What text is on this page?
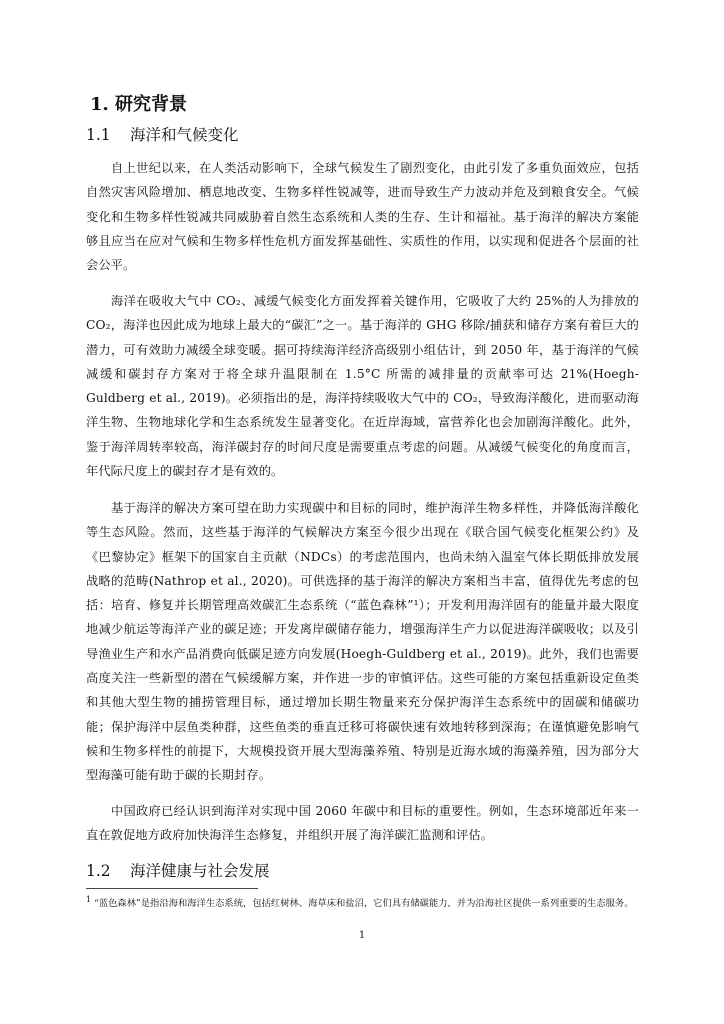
1. 研究背景
1.1 海洋和气候变化
自上世纪以来，在人类活动影响下，全球气候发生了剧烈变化，由此引发了多重负面效应，包括自然灾害风险增加、栖息地改变、生物多样性锐减等，进而导致生产力波动并危及到粮食安全。气候变化和生物多样性锐减共同威胁着自然生态系统和人类的生存、生计和福祉。基于海洋的解决方案能够且应当在应对气候和生物多样性危机方面发挥基础性、实质性的作用，以实现和促进各个层面的社会公平。
海洋在吸收大气中 CO₂、减缓气候变化方面发挥着关键作用，它吸收了大约 25%的人为排放的 CO₂，海洋也因此成为地球上最大的“碳汇”之一。基于海洋的 GHG 移除/捕获和储存方案有着巨大的潜力，可有效助力减缓全球变暖。据可持续海洋经济高级别小组估计，到 2050 年，基于海洋的气候减缓和碳封存方案对于将全球升温限制在 1.5°C 所需的减排量的贡献率可达 21%(Hoegh-Guldberg et al., 2019)。必须指出的是，海洋持续吸收大气中的 CO₂，导致海洋酸化，进而驱动海洋生物、生物地球化学和生态系统发生显著变化。在近岸海域，富营养化也会加剧海洋酸化。此外，鉴于海洋周转率较高，海洋碳封存的时间尺度是需要重点考虑的问题。从减缓气候变化的角度而言，年代际尺度上的碳封存才是有效的。
基于海洋的解决方案可望在助力实现碳中和目标的同时，维护海洋生物多样性，并降低海洋酸化等生态风险。然而，这些基于海洋的气候解决方案至今很少出现在《联合国气候变化框架公约》及《巴黎协定》框架下的国家自主贡献（NDCs）的考虑范围内，也尚未纳入温室气体长期低排放发展战略的范畴(Nathrop et al., 2020)。可供选择的基于海洋的解决方案相当丰富，值得优先考虑的包括：培育、修复并长期管理高效碳汇生态系统（“蓝色森林”¹）；开发利用海洋固有的能量并最大限度地减少航运等海洋产业的碳足迹；开发离岸碳储存能力，增强海洋生产力以促进海洋碳吸收；以及引导渔业生产和水产品消费向低碳足迹方向发展(Hoegh-Guldberg et al., 2019)。此外，我们也需要高度关注一些新型的潜在气候缓解方案，并作进一步的审慎评估。这些可能的方案包括重新设定鱼类和其他大型生物的捕捞管理目标，通过增加长期生物量来充分保护海洋生态系统中的固碳和储碳功能；保护海洋中层鱼类种群，这些鱼类的垂直迁移可将碳快速有效地转移到深海；在谨慎避免影响气候和生物多样性的前提下，大规模投资开展大型海藻养殖、特别是近海水域的海藻养殖，因为部分大型海藻可能有助于碳的长期封存。
中国政府已经认识到海洋对实现中国 2060 年碳中和目标的重要性。例如，生态环境部近年来一直在敦促地方政府加快海洋生态修复，并组织开展了海洋碳汇监测和评估。
1.2 海洋健康与社会发展
$^1$ “蓝色森林”是指沿海和海洋生态系统，包括红树林、海草床和盐沼，它们具有储碳能力，并为沿海社区提供一系列重要的生态服务。
1
